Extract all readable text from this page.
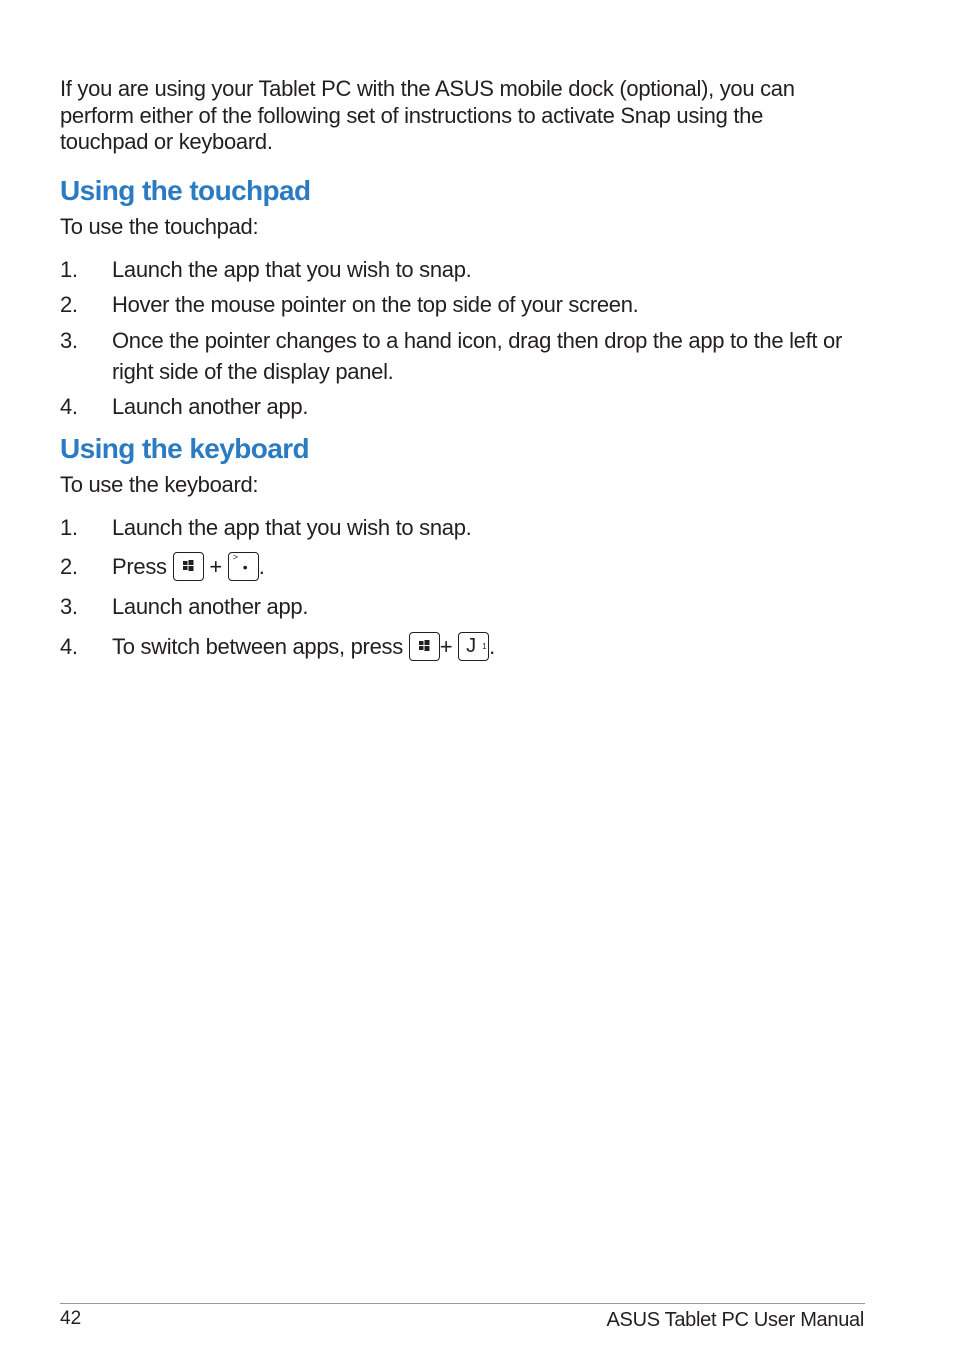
If you are using your Tablet PC with the ASUS mobile dock (optional), you can perform either of the following set of instructions to activate Snap using the touchpad or keyboard.

Using the touchpad
To use the touchpad:
1. Launch the app that you wish to snap.
2. Hover the mouse pointer on the top side of your screen.
3. Once the pointer changes to a hand icon, drag then drop the app to the left or right side of the display panel.
4. Launch another app.
Using the keyboard
To use the keyboard:
1. Launch the app that you wish to snap.
2. Press + >
• .
3. Launch another app.
4. To switch between apps, press + J 1 .
42	ASUS Tablet PC User Manual
